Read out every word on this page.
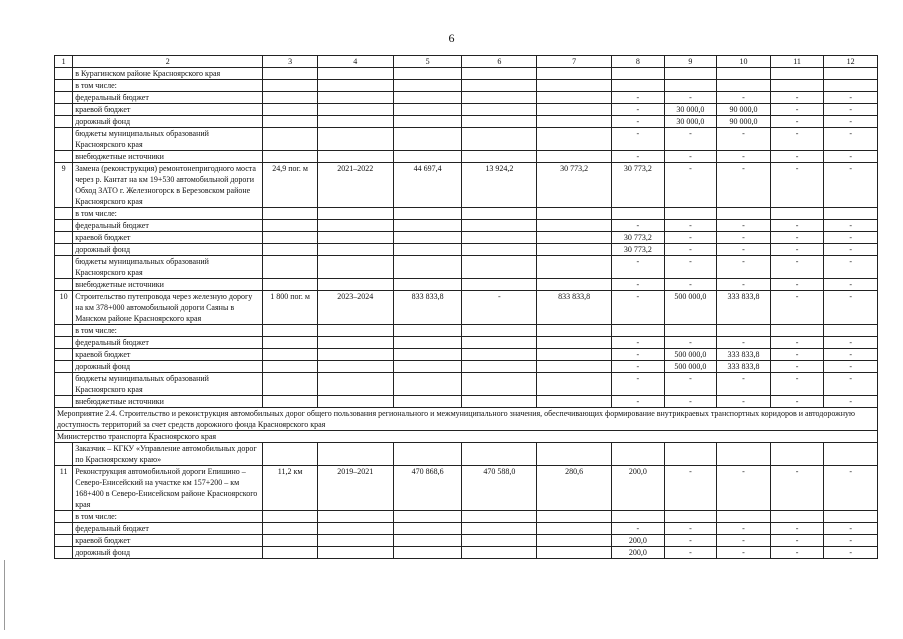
6
1	2	3	4	5	6	7	8	9	10	11	12
	в Курагинском районе Красноярского края										
	в том числе:										
	федеральный бюджет						-	-	-	-	-
	краевой бюджет						-	30 000,0	90 000,0	-	-
	дорожный фонд						-	30 000,0	90 000,0	-	-
	бюджеты муниципальных образований Красноярского края						-	-	-	-	-
	внебюджетные источники						-	-	-	-	-
9	Замена (реконструкция) ремонтонепригодного моста через р. Кантат на км 19+530 автомобильной дороги Обход ЗАТО г. Железногорск в Березовском районе Красноярского края	24,9 пог. м	2021–2022	44 697,4	13 924,2	30 773,2	30 773,2	-	-	-	-
	в том числе:										
	федеральный бюджет						-	-	-	-	-
	краевой бюджет						30 773,2	-	-	-	-
	дорожный фонд						30 773,2	-	-	-	-
	бюджеты муниципальных образований Красноярского края						-	-	-	-	-
	внебюджетные источники						-	-	-	-	-
10	Строительство путепровода через железную дорогу на км 378+000 автомобильной дороги Саяны в Манском районе Красноярского края	1 800 пог. м	2023–2024	833 833,8	-	833 833,8	-	500 000,0	333 833,8	-	-
	в том числе:										
	федеральный бюджет						-	-	-	-	-
	краевой бюджет						-	500 000,0	333 833,8	-	-
	дорожный фонд						-	500 000,0	333 833,8	-	-
	бюджеты муниципальных образований Красноярского края						-	-	-	-	-
	внебюджетные источники						-	-	-	-	-
Мероприятие 2.4. Строительство и реконструкция автомобильных дорог общего пользования регионального и межмуниципального значения, обеспечивающих формирование внутрикраевых транспортных коридоров и автодорожную доступность территорий за счет средств дорожного фонда Красноярского края											
Министерство транспорта Красноярского края											
	Заказчик – КГКУ «Управление автомобильных дорог по Красноярскому краю»										
11	Реконструкция автомобильной дороги Епишино – Северо-Енисейский на участке км 157+200 – км 168+400 в Северо-Енисейском районе Красноярского края	11,2 км	2019–2021	470 868,6	470 588,0	280,6	200,0	-	-	-	-
	в том числе:										
	федеральный бюджет						-	-	-	-	-
	краевой бюджет						200,0	-	-	-	-
	дорожный фонд						200,0	-	-	-	-
